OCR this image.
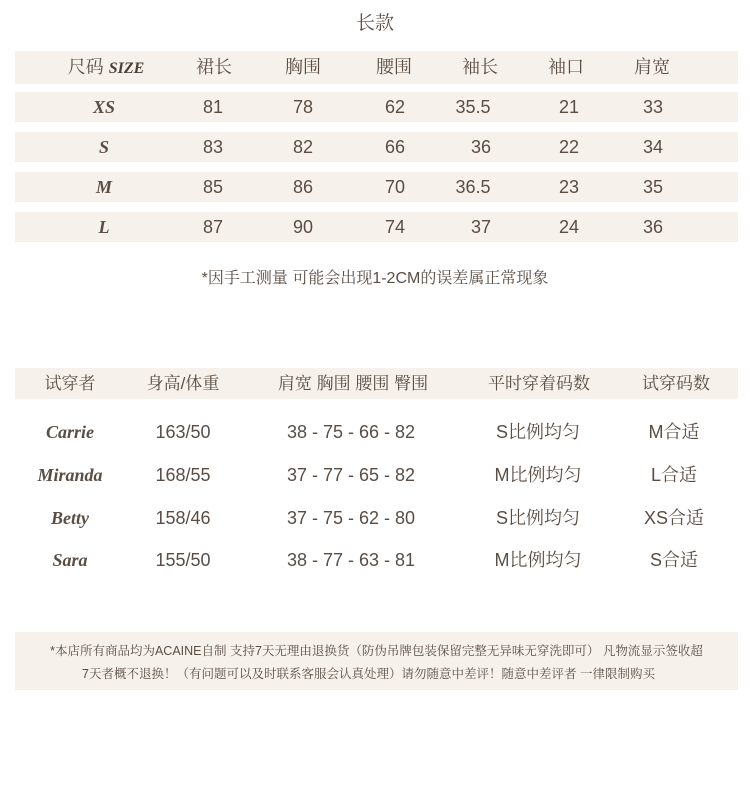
长款
尺码 SIZE	裙长	胸围	腰围	袖长	袖口	肩宽
XS	81	78	62	35.5	21	33
S	83	82	66	36	22	34
M	85	86	70	36.5	23	35
L	87	90	74	37	24	36
*因手工测量 可能会出现1-2CM的误差属正常现象
试穿者	身高/体重	肩宽 胸围 腰围 臀围	平时穿着码数	试穿码数
Carrie	163/50	38 - 75 - 66 - 82	S比例均匀	M合适
Miranda	168/55	37 - 77 - 65 - 82	M比例均匀	L合适
Betty	158/46	37 - 75 - 62 - 80	S比例均匀	XS合适
Sara	155/50	38 - 77 - 63 - 81	M比例均匀	S合适
*本店所有商品均为ACAINE自制 支持7天无理由退换货（防伪吊牌包装保留完整无异味无穿洗即可） 凡物流显示签收超
7天者概不退换！（有问题可以及时联系客服会认真处理）请勿随意中差评！随意中差评者 一律限制购买
